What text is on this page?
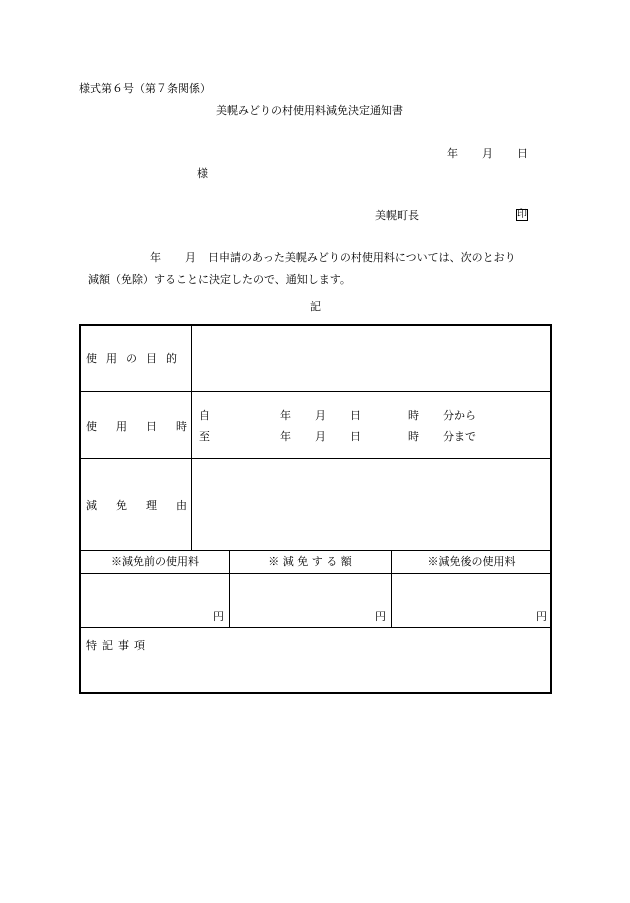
様式第６号（第７条関係）
美幌みどりの村使用料減免決定通知書
年 月 日
様
美幌町長	印
年 月 日申請のあった美幌みどりの村使用料については、次のとおり
減額（免除）することに決定したので、通知します。
記
使用の目的
使用日時
自	年 月 日	時 分から
至	年 月 日	時 分まで
減免理由
※減免前の使用料	※ 減 免 す る 額	※減免後の使用料
円	円	円
特記事項
